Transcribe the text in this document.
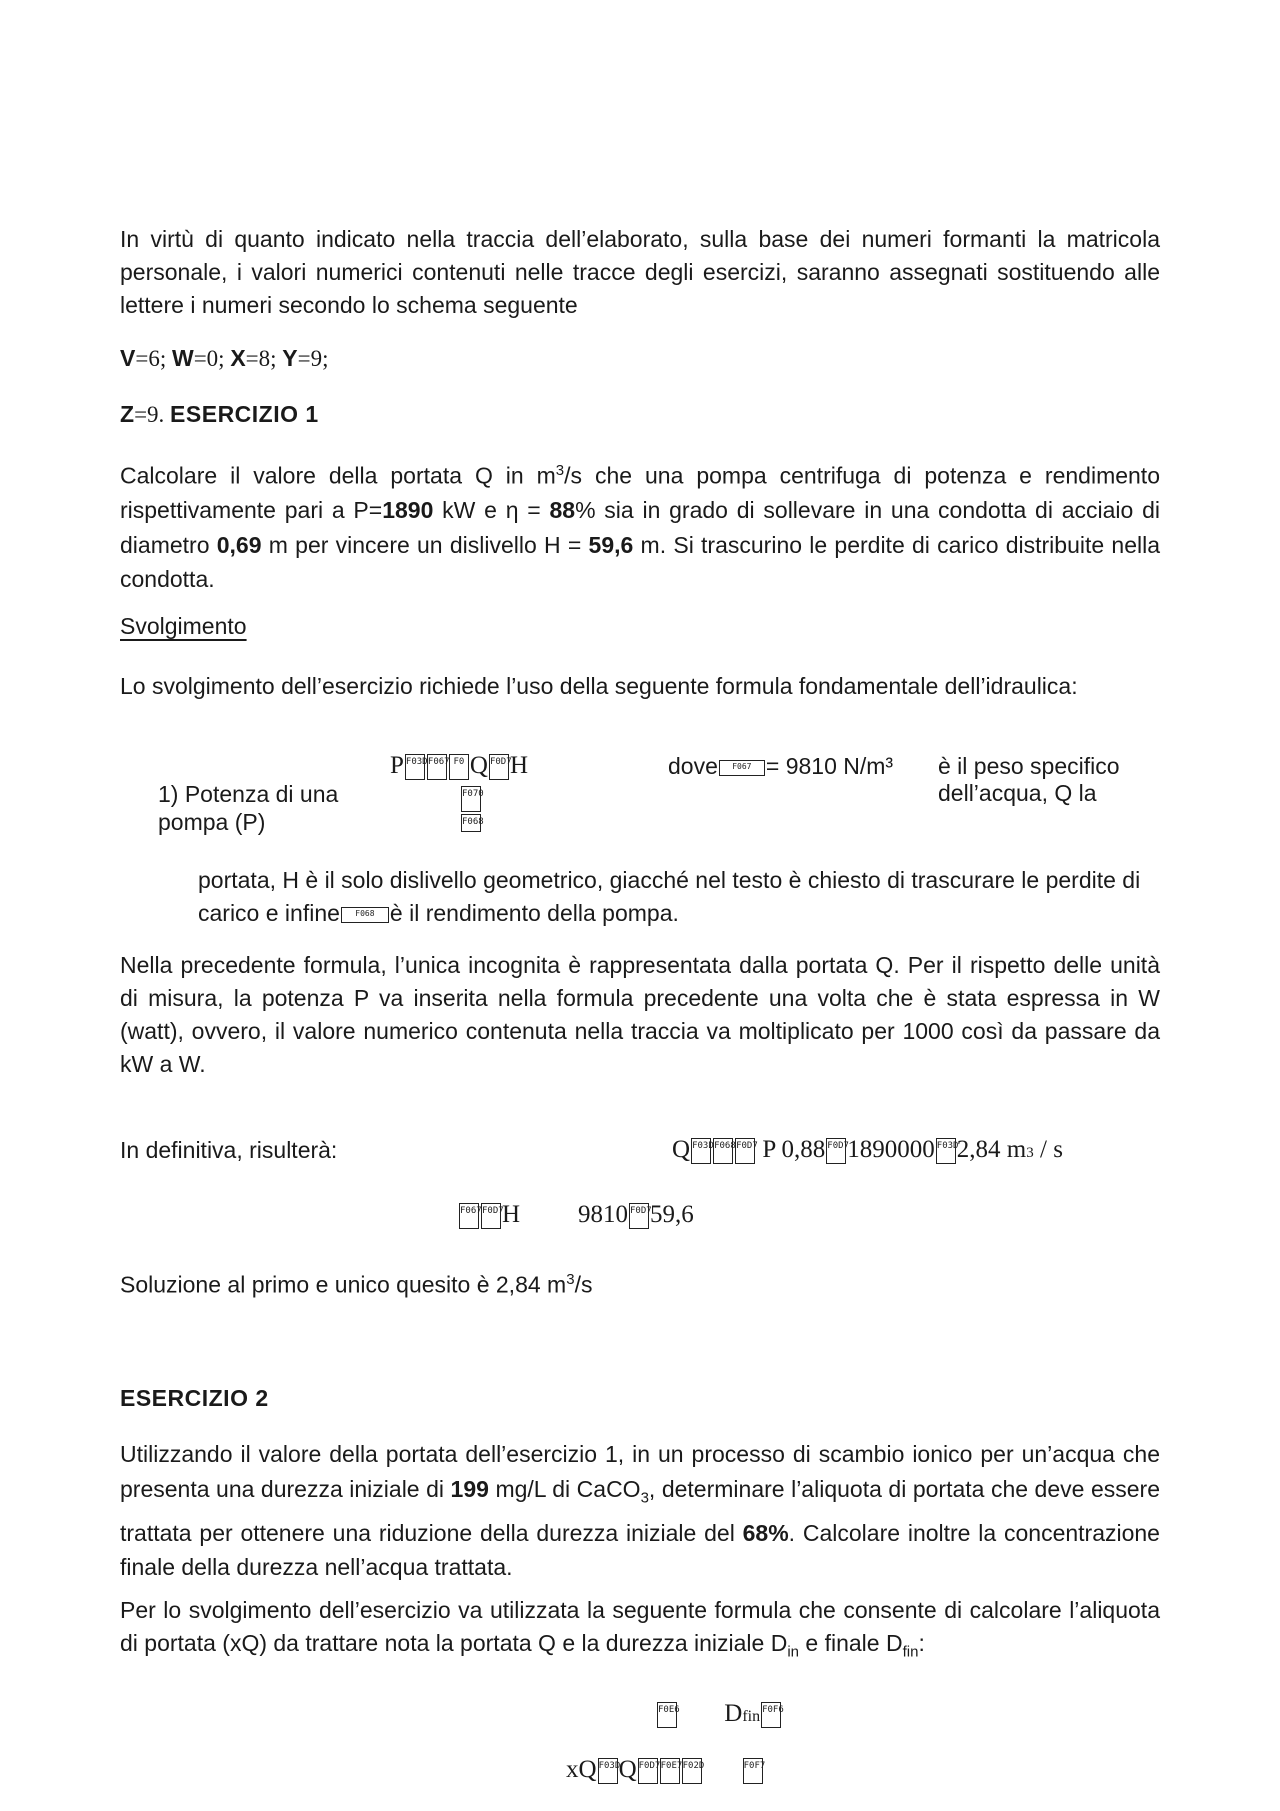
In virtù di quanto indicato nella traccia dell’elaborato, sulla base dei numeri formanti la matricola personale, i valori numerici contenuti nelle tracce degli esercizi, saranno assegnati sostituendo alle lettere i numeri secondo lo schema seguente

V=6; W=0; X=8; Y=9;
Z=9. ESERCIZIO 1

Calcolare il valore della portata Q in $m^3/s$ che una pompa centrifuga di potenza e rendimento rispettivamente pari a P=1890 kW e η = 88% sia in grado di sollevare in una condotta di acciaio di diametro 0,69 m per vincere un dislivello H = 59,6 m. Si trascurino le perdite di carico distribuite nella condotta.

Svolgimento

Lo svolgimento dell’esercizio richiede l’uso della seguente formula fondamentale dell’idraulica:

1) Potenza di una pompa (P)
P F03DF067 F0 Q F0D7H
F070
F068
dove F067 = 9810 N/m³ è il peso specifico
dell’acqua, Q la

portata, H è il solo dislivello geometrico, giacché nel testo è chiesto di trascurare le perdite di carico e infine F068 è il rendimento della pompa.

Nella precedente formula, l’unica incognita è rappresentata dalla portata Q. Per il rispetto delle unità di misura, la potenza P va inserita nella formula precedente una volta che è stata espressa in W (watt), ovvero, il valore numerico contenuta nella traccia va moltiplicato per 1000 così da passare da kW a W.

In definitiva, risulterà:	Q F03DF068F0D7 P 0,88 F0D71890000 F03D2,84 m3 / s
F067F0D7H 9810 F0D759,6
Soluzione al primo e unico quesito è 2,84 $m^3/s$
ESERCIZIO 2

Utilizzando il valore della portata dell’esercizio 1, in un processo di scambio ionico per un’acqua che presenta una durezza iniziale di 199 mg/L di CaCO$_3$, determinare l’aliquota di portata che deve essere trattata per ottenere una riduzione della durezza iniziale del 68%. Calcolare inoltre la concentrazione finale della durezza nell’acqua trattata.

Per lo svolgimento dell’esercizio va utilizzata la seguente formula che consente di calcolare l’aliquota di portata (xQ) da trattare nota la portata Q e la durezza iniziale $D_{in}$ e finale $D_{fin}$:

F0E6 Dfin F0F6
xQ F03DQ F0D7F0E7F02D	F0F7
